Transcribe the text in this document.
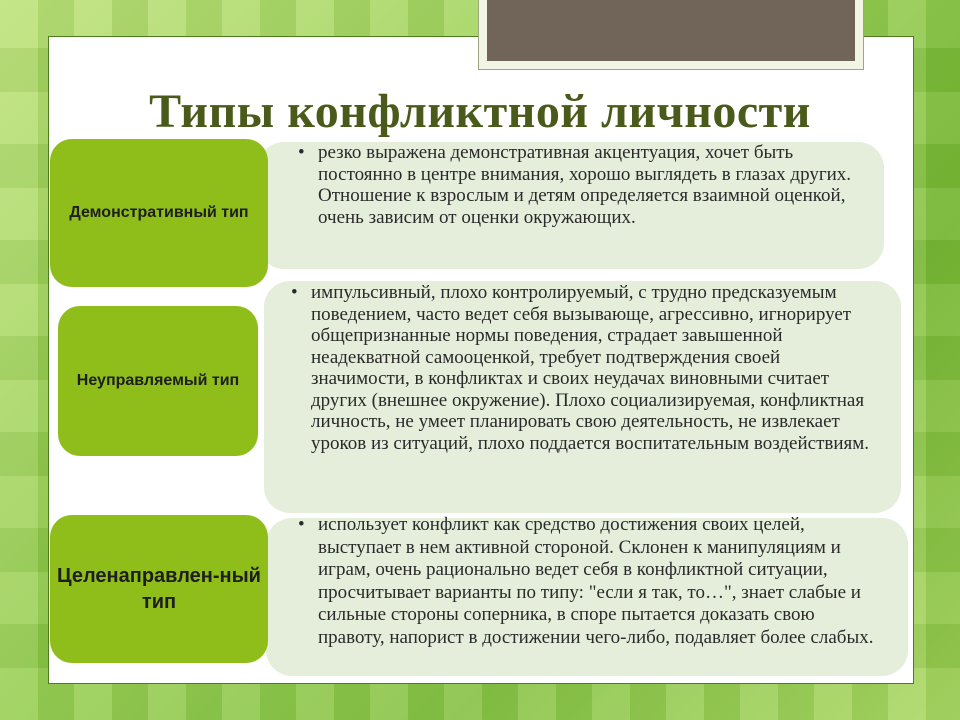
Типы конфликтной личности
Демонстративный тип
• резко выражена демонстративная акцентуация, хочет быть постоянно в центре внимания, хорошо выглядеть в глазах других. Отношение к взрослым и детям определяется взаимной оценкой, очень зависим от оценки окружающих.
Неуправляемый тип
• импульсивный, плохо контролируемый, с трудно предсказуемым поведением, часто ведет себя вызывающе, агрессивно, игнорирует общепризнанные нормы поведения, страдает завышенной неадекватной самооценкой, требует подтверждения своей значимости, в конфликтах и своих неудачах виновными считает других (внешнее окружение). Плохо социализируемая, конфликтная личность, не умеет планировать свою деятельность, не извлекает уроков из ситуаций, плохо поддается воспитательным воздействиям.
Целенаправлен-ный тип
• использует конфликт как средство достижения своих целей, выступает в нем активной стороной. Склонен к манипуляциям и играм, очень рационально ведет себя в конфликтной ситуации, просчитывает варианты по типу: "если я так, то…", знает слабые и сильные стороны соперника, в споре пытается доказать свою правоту, напорист в достижении чего-либо, подавляет более слабых.
